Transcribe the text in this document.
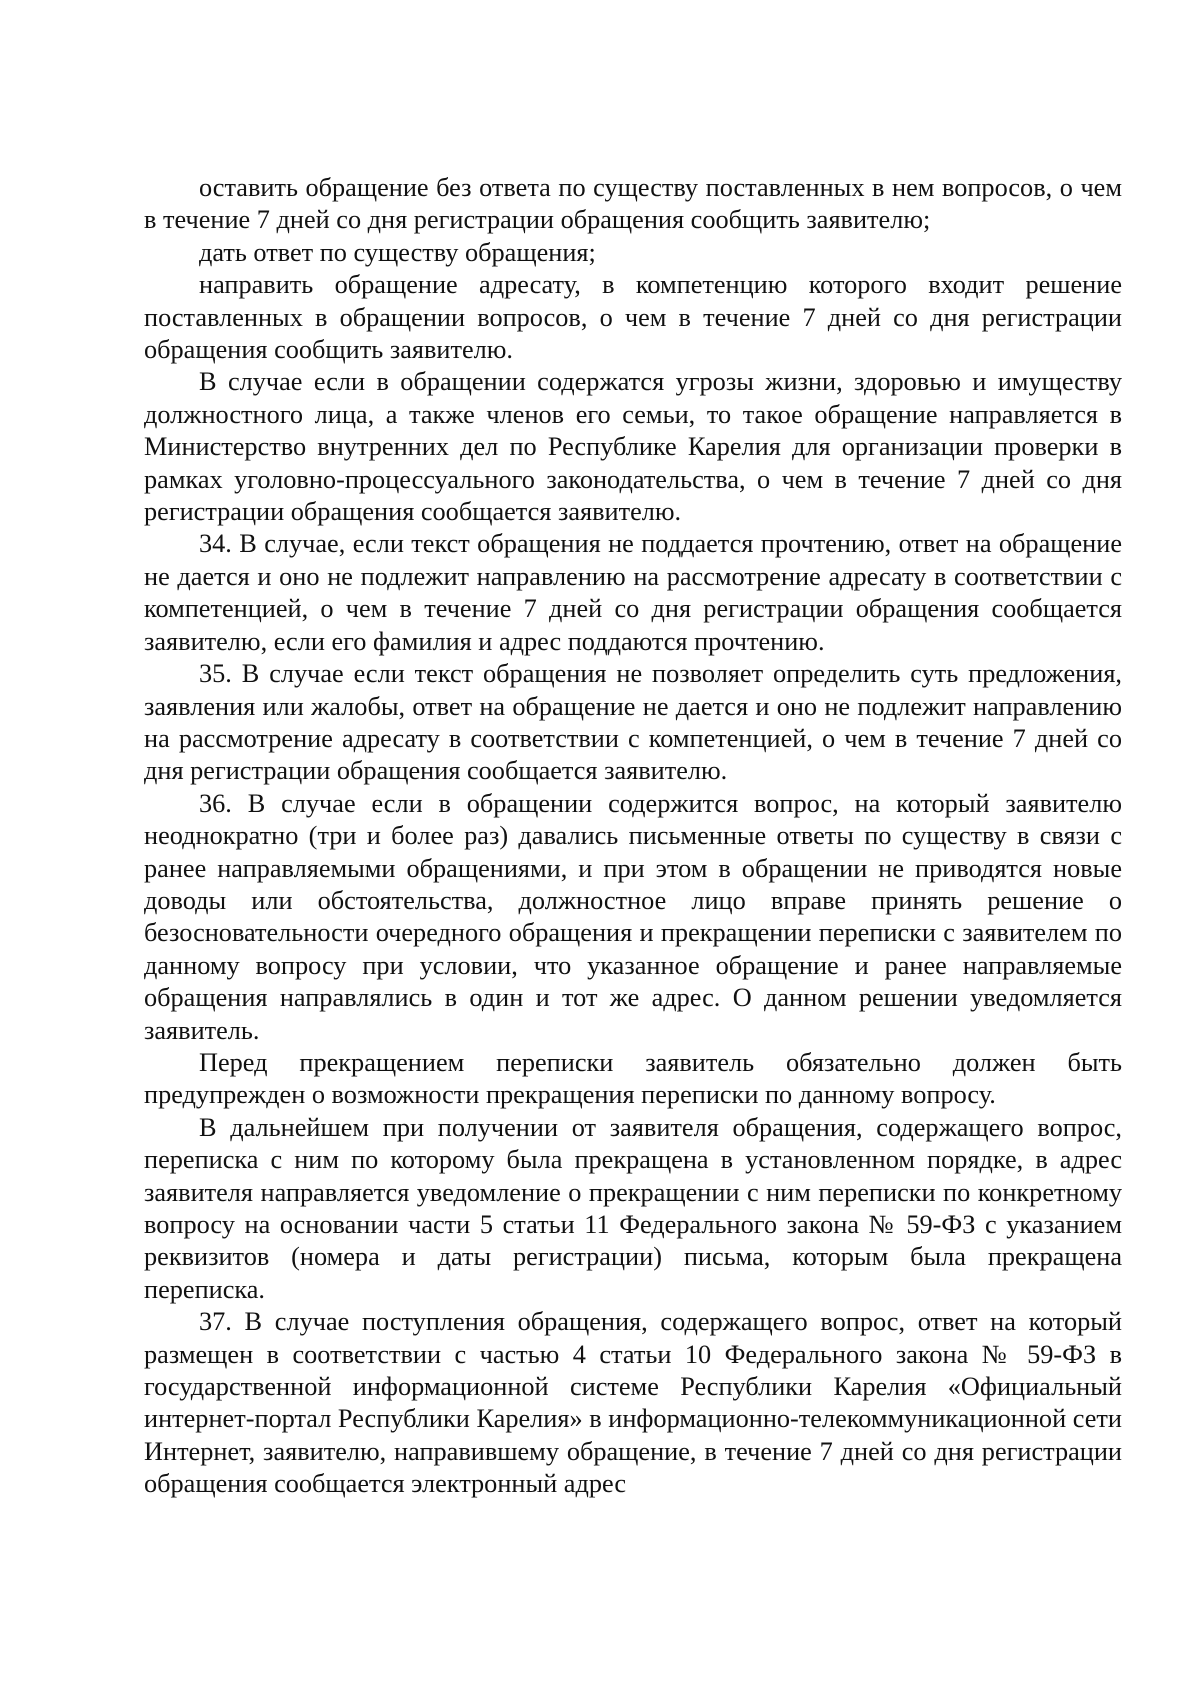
оставить обращение без ответа по существу поставленных в нем вопросов, о чем в течение 7 дней со дня регистрации обращения сообщить заявителю;

дать ответ по существу обращения;

направить обращение адресату, в компетенцию которого входит решение поставленных в обращении вопросов, о чем в течение 7 дней со дня регистрации обращения сообщить заявителю.

В случае если в обращении содержатся угрозы жизни, здоровью и имуществу должностного лица, а также членов его семьи, то такое обращение направляется в Министерство внутренних дел по Республике Карелия для организации проверки в рамках уголовно-процессуального законодательства, о чем в течение 7 дней со дня регистрации обращения сообщается заявителю.

34. В случае, если текст обращения не поддается прочтению, ответ на обращение не дается и оно не подлежит направлению на рассмотрение адресату в соответствии с компетенцией, о чем в течение 7 дней со дня регистрации обращения сообщается заявителю, если его фамилия и адрес поддаются прочтению.

35. В случае если текст обращения не позволяет определить суть предложения, заявления или жалобы, ответ на обращение не дается и оно не подлежит направлению на рассмотрение адресату в соответствии с компетенцией, о чем в течение 7 дней со дня регистрации обращения сообщается заявителю.

36. В случае если в обращении содержится вопрос, на который заявителю неоднократно (три и более раз) давались письменные ответы по существу в связи с ранее направляемыми обращениями, и при этом в обращении не приводятся новые доводы или обстоятельства, должностное лицо вправе принять решение о безосновательности очередного обращения и прекращении переписки с заявителем по данному вопросу при условии, что указанное обращение и ранее направляемые обращения направлялись в один и тот же адрес. О данном решении уведомляется заявитель.

Перед прекращением переписки заявитель обязательно должен быть предупрежден о возможности прекращения переписки по данному вопросу.

В дальнейшем при получении от заявителя обращения, содержащего вопрос, переписка с ним по которому была прекращена в установленном порядке, в адрес заявителя направляется уведомление о прекращении с ним переписки по конкретному вопросу на основании части 5 статьи 11 Федерального закона № 59-ФЗ с указанием реквизитов (номера и даты регистрации) письма, которым была прекращена переписка.

37. В случае поступления обращения, содержащего вопрос, ответ на который размещен в соответствии с частью 4 статьи 10 Федерального закона № 59-ФЗ в государственной информационной системе Республики Карелия «Официальный интернет-портал Республики Карелия» в информационно-телекоммуникационной сети Интернет, заявителю, направившему обращение, в течение 7 дней со дня регистрации обращения сообщается электронный адрес
